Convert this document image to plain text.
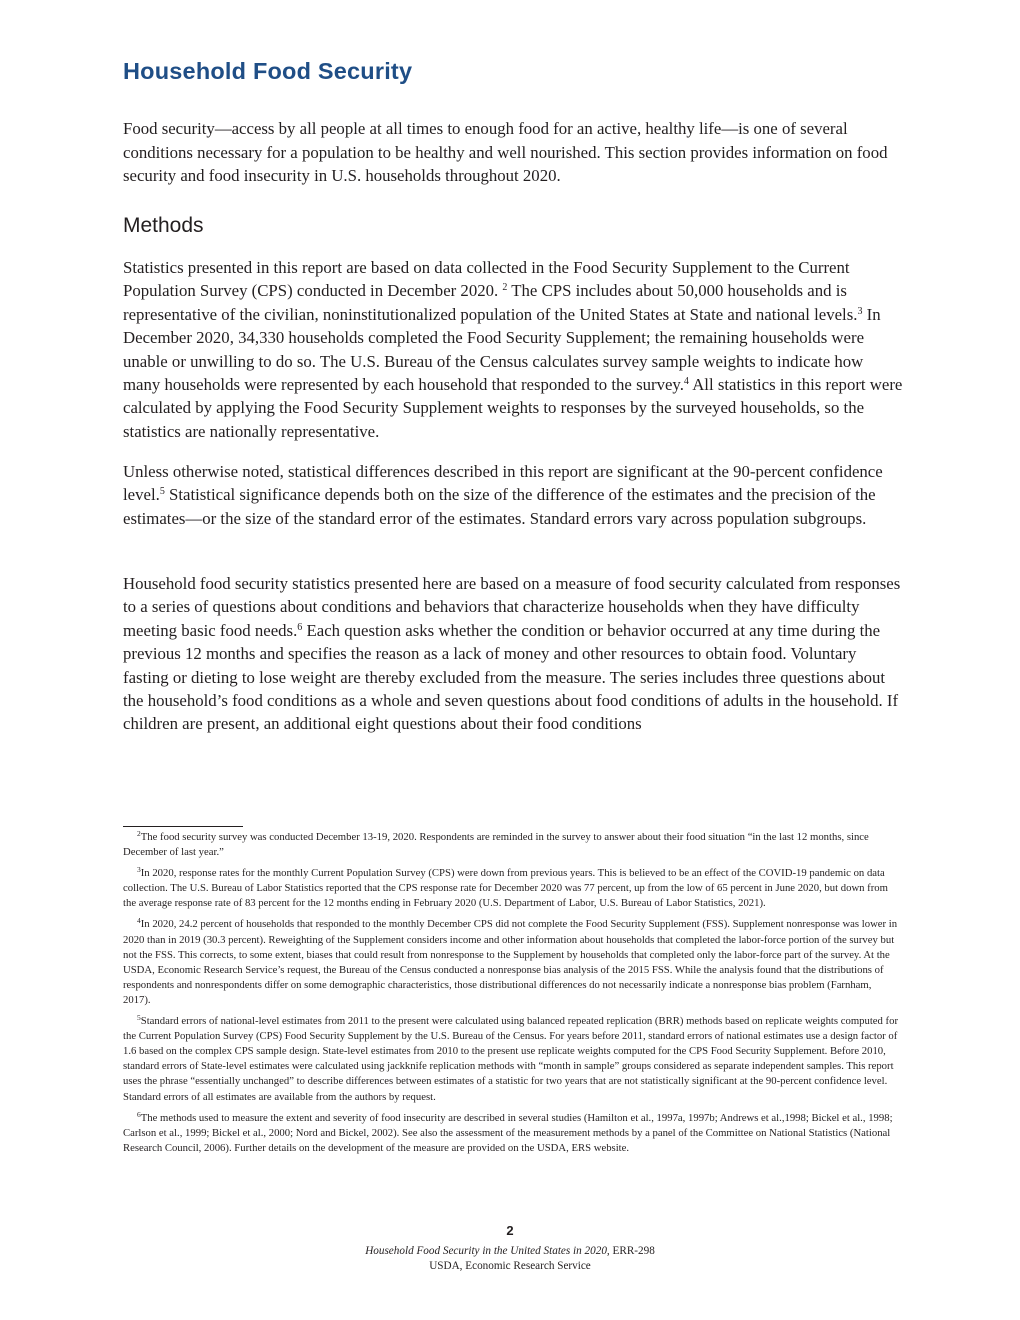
Household Food Security

Food security—access by all people at all times to enough food for an active, healthy life—is one of several conditions necessary for a population to be healthy and well nourished. This section provides information on food security and food insecurity in U.S. households throughout 2020.

Methods

Statistics presented in this report are based on data collected in the Food Security Supplement to the Current Population Survey (CPS) conducted in December 2020. $^2$ The CPS includes about 50,000 households and is representative of the civilian, noninstitutionalized population of the United States at State and national levels.$^3$ In December 2020, 34,330 households completed the Food Security Supplement; the remaining households were unable or unwilling to do so. The U.S. Bureau of the Census calculates survey sample weights to indicate how many households were represented by each household that responded to the survey.$^4$ All statistics in this report were calculated by applying the Food Security Supplement weights to responses by the surveyed households, so the statistics are nationally representative.

Unless otherwise noted, statistical differences described in this report are significant at the 90-percent confidence level.$^5$ Statistical significance depends both on the size of the difference of the estimates and the precision of the estimates—or the size of the standard error of the estimates. Standard errors vary across population subgroups.

Household food security statistics presented here are based on a measure of food security calculated from responses to a series of questions about conditions and behaviors that characterize households when they have difficulty meeting basic food needs.$^6$ Each question asks whether the condition or behavior occurred at any time during the previous 12 months and specifies the reason as a lack of money and other resources to obtain food. Voluntary fasting or dieting to lose weight are thereby excluded from the measure. The series includes three questions about the household’s food conditions as a whole and seven questions about food conditions of adults in the household. If children are present, an additional eight questions about their food conditions

$^2$The food security survey was conducted December 13-19, 2020. Respondents are reminded in the survey to answer about their food situation “in the last 12 months, since December of last year.”

$^3$In 2020, response rates for the monthly Current Population Survey (CPS) were down from previous years. This is believed to be an effect of the COVID-19 pandemic on data collection. The U.S. Bureau of Labor Statistics reported that the CPS response rate for December 2020 was 77 percent, up from the low of 65 percent in June 2020, but down from the average response rate of 83 percent for the 12 months ending in February 2020 (U.S. Department of Labor, U.S. Bureau of Labor Statistics, 2021).

$^4$In 2020, 24.2 percent of households that responded to the monthly December CPS did not complete the Food Security Supplement (FSS). Supplement nonresponse was lower in 2020 than in 2019 (30.3 percent). Reweighting of the Supplement considers income and other information about households that completed the labor-force portion of the survey but not the FSS. This corrects, to some extent, biases that could result from nonresponse to the Supplement by households that completed only the labor-force part of the survey. At the USDA, Economic Research Service’s request, the Bureau of the Census conducted a nonresponse bias analysis of the 2015 FSS. While the analysis found that the distributions of respondents and nonrespondents differ on some demographic characteristics, those distributional differences do not necessarily indicate a nonresponse bias problem (Farnham, 2017).

$^5$Standard errors of national-level estimates from 2011 to the present were calculated using balanced repeated replication (BRR) methods based on replicate weights computed for the Current Population Survey (CPS) Food Security Supplement by the U.S. Bureau of the Census. For years before 2011, standard errors of national estimates use a design factor of 1.6 based on the complex CPS sample design. State-level estimates from 2010 to the present use replicate weights computed for the CPS Food Security Supplement. Before 2010, standard errors of State-level estimates were calculated using jackknife replication methods with “month in sample” groups considered as separate independent samples. This report uses the phrase “essentially unchanged” to describe differences between estimates of a statistic for two years that are not statistically significant at the 90-percent confidence level. Standard errors of all estimates are available from the authors by request.

$^6$The methods used to measure the extent and severity of food insecurity are described in several studies (Hamilton et al., 1997a, 1997b; Andrews et al.,1998; Bickel et al., 1998; Carlson et al., 1999; Bickel et al., 2000; Nord and Bickel, 2002). See also the assessment of the measurement methods by a panel of the Committee on National Statistics (National Research Council, 2006). Further details on the development of the measure are provided on the USDA, ERS website.

2
Household Food Security in the United States in 2020, ERR-298
USDA, Economic Research Service
